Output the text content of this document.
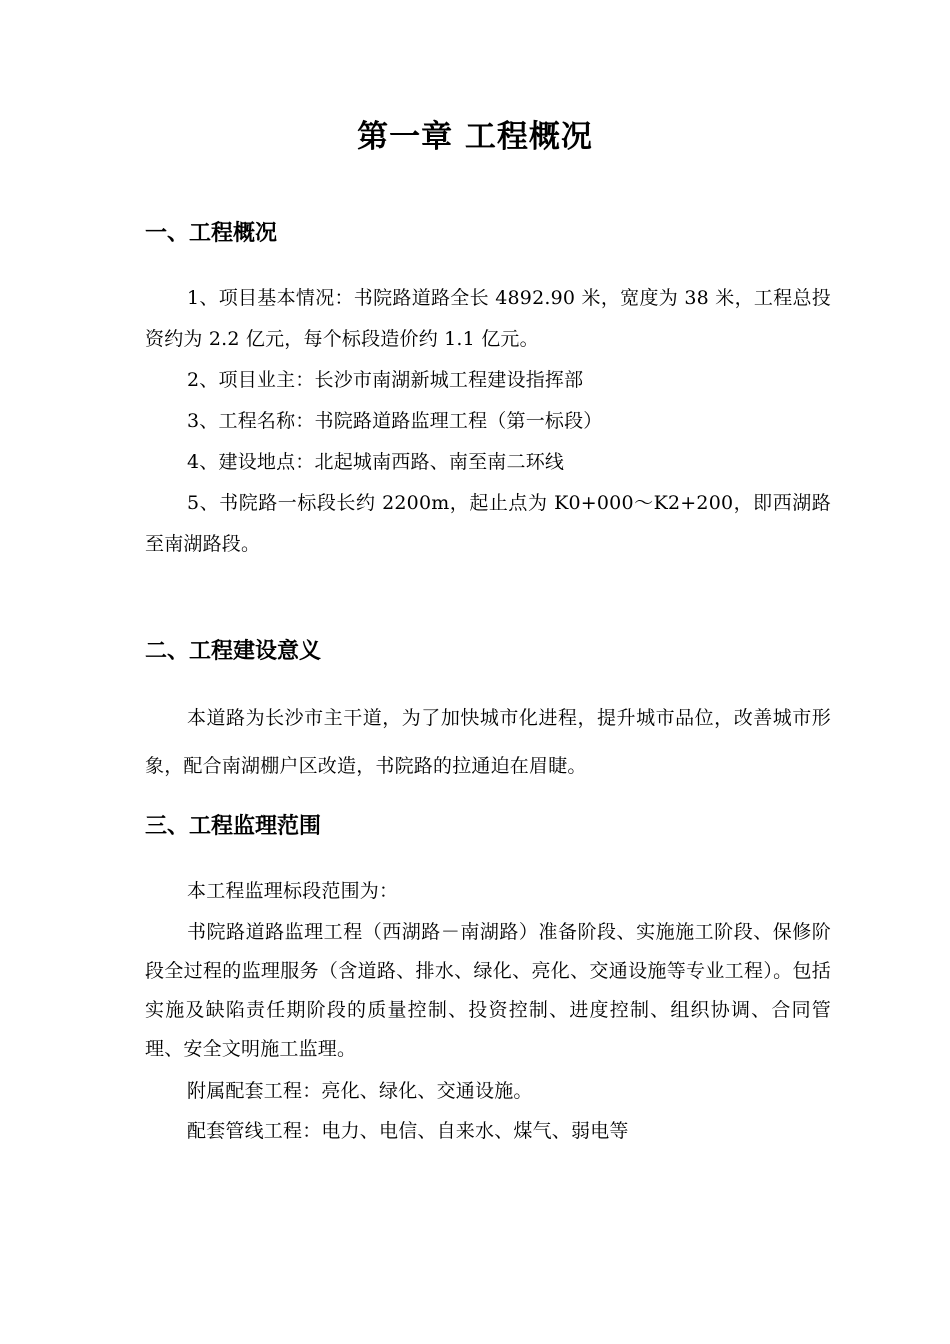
第一章 工程概况
一、工程概况

1、项目基本情况：书院路道路全长 4892.90 米，宽度为 38 米，工程总投资约为 2.2 亿元，每个标段造价约 1.1 亿元。

2、项目业主：长沙市南湖新城工程建设指挥部

3、工程名称：书院路道路监理工程（第一标段）

4、建设地点：北起城南西路、南至南二环线

5、书院路一标段长约 2200m，起止点为 K0+000～K2+200，即西湖路至南湖路段。

二、工程建设意义

本道路为长沙市主干道，为了加快城市化进程，提升城市品位，改善城市形象，配合南湖棚户区改造，书院路的拉通迫在眉睫。

三、工程监理范围

本工程监理标段范围为：

书院路道路监理工程（西湖路－南湖路）准备阶段、实施施工阶段、保修阶段全过程的监理服务（含道路、排水、绿化、亮化、交通设施等专业工程）。包括实施及缺陷责任期阶段的质量控制、投资控制、进度控制、组织协调、合同管理、安全文明施工监理。

附属配套工程：亮化、绿化、交通设施。

配套管线工程：电力、电信、自来水、煤气、弱电等
